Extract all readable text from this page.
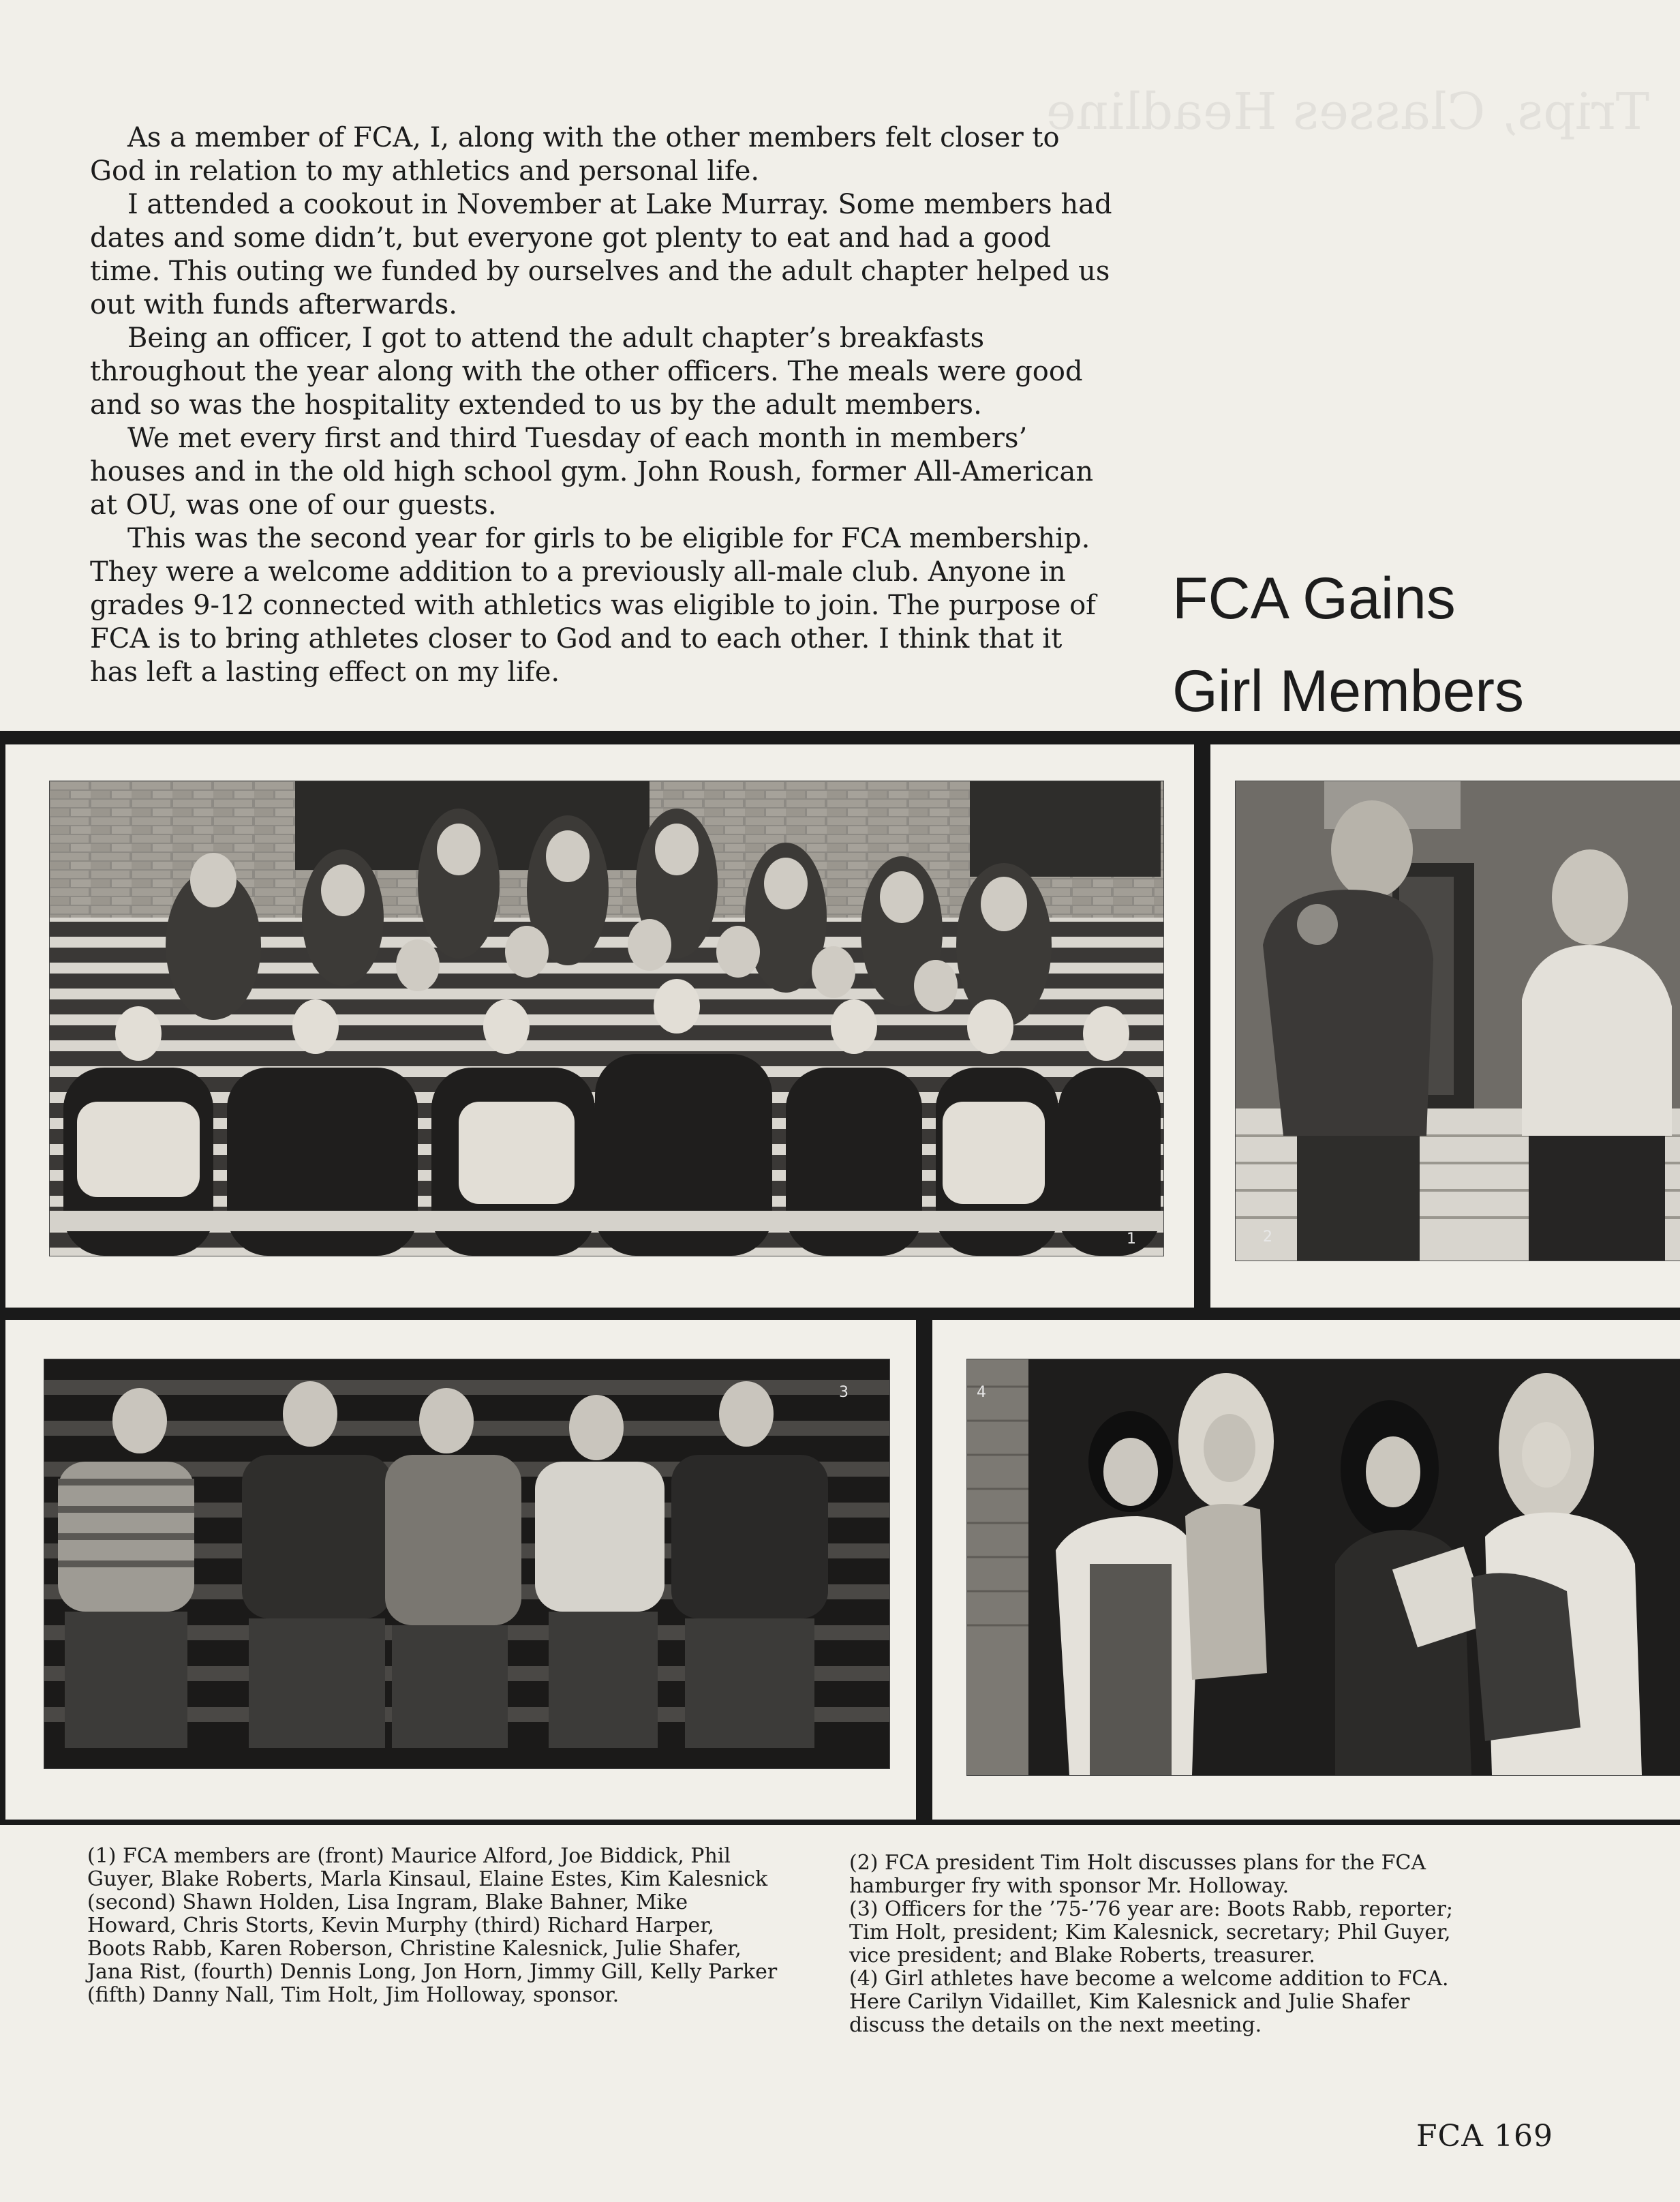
Trips, Classes Headline

As a member of FCA, I, along with the other members felt closer to God in relation to my athletics and personal life.

I attended a cookout in November at Lake Murray. Some members had dates and some didn’t, but everyone got plenty to eat and had a good time. This outing we funded by ourselves and the adult chapter helped us out with funds afterwards.

Being an officer, I got to attend the adult chapter’s breakfasts throughout the year along with the other officers. The meals were good and so was the hospitality extended to us by the adult members.

We met every first and third Tuesday of each month in members’ houses and in the old high school gym. John Roush, former All-American at OU, was one of our guests.

This was the second year for girls to be eligible for FCA membership. They were a welcome addition to a previously all-male club. Anyone in grades 9-12 connected with athletics was eligible to join. The purpose of FCA is to bring athletes closer to God and to each other. I think that it has left a lasting effect on my life.

FCA Gains
Girl Members
1	2
3	4

(1) FCA members are (front) Maurice Alford, Joe Biddick, Phil Guyer, Blake Roberts, Marla Kinsaul, Elaine Estes, Kim Kalesnick (second) Shawn Holden, Lisa Ingram, Blake Bahner, Mike Howard, Chris Storts, Kevin Murphy (third) Richard Harper, Boots Rabb, Karen Roberson, Christine Kalesnick, Julie Shafer, Jana Rist, (fourth) Dennis Long, Jon Horn, Jimmy Gill, Kelly Parker (fifth) Danny Nall, Tim Holt, Jim Holloway, sponsor.

(2) FCA president Tim Holt discusses plans for the FCA hamburger fry with sponsor Mr. Holloway.

(3) Officers for the ’75-’76 year are: Boots Rabb, reporter; Tim Holt, president; Kim Kalesnick, secretary; Phil Guyer, vice president; and Blake Roberts, treasurer.

(4) Girl athletes have become a welcome addition to FCA. Here Carilyn Vidaillet, Kim Kalesnick and Julie Shafer discuss the details on the next meeting.

FCA 169
